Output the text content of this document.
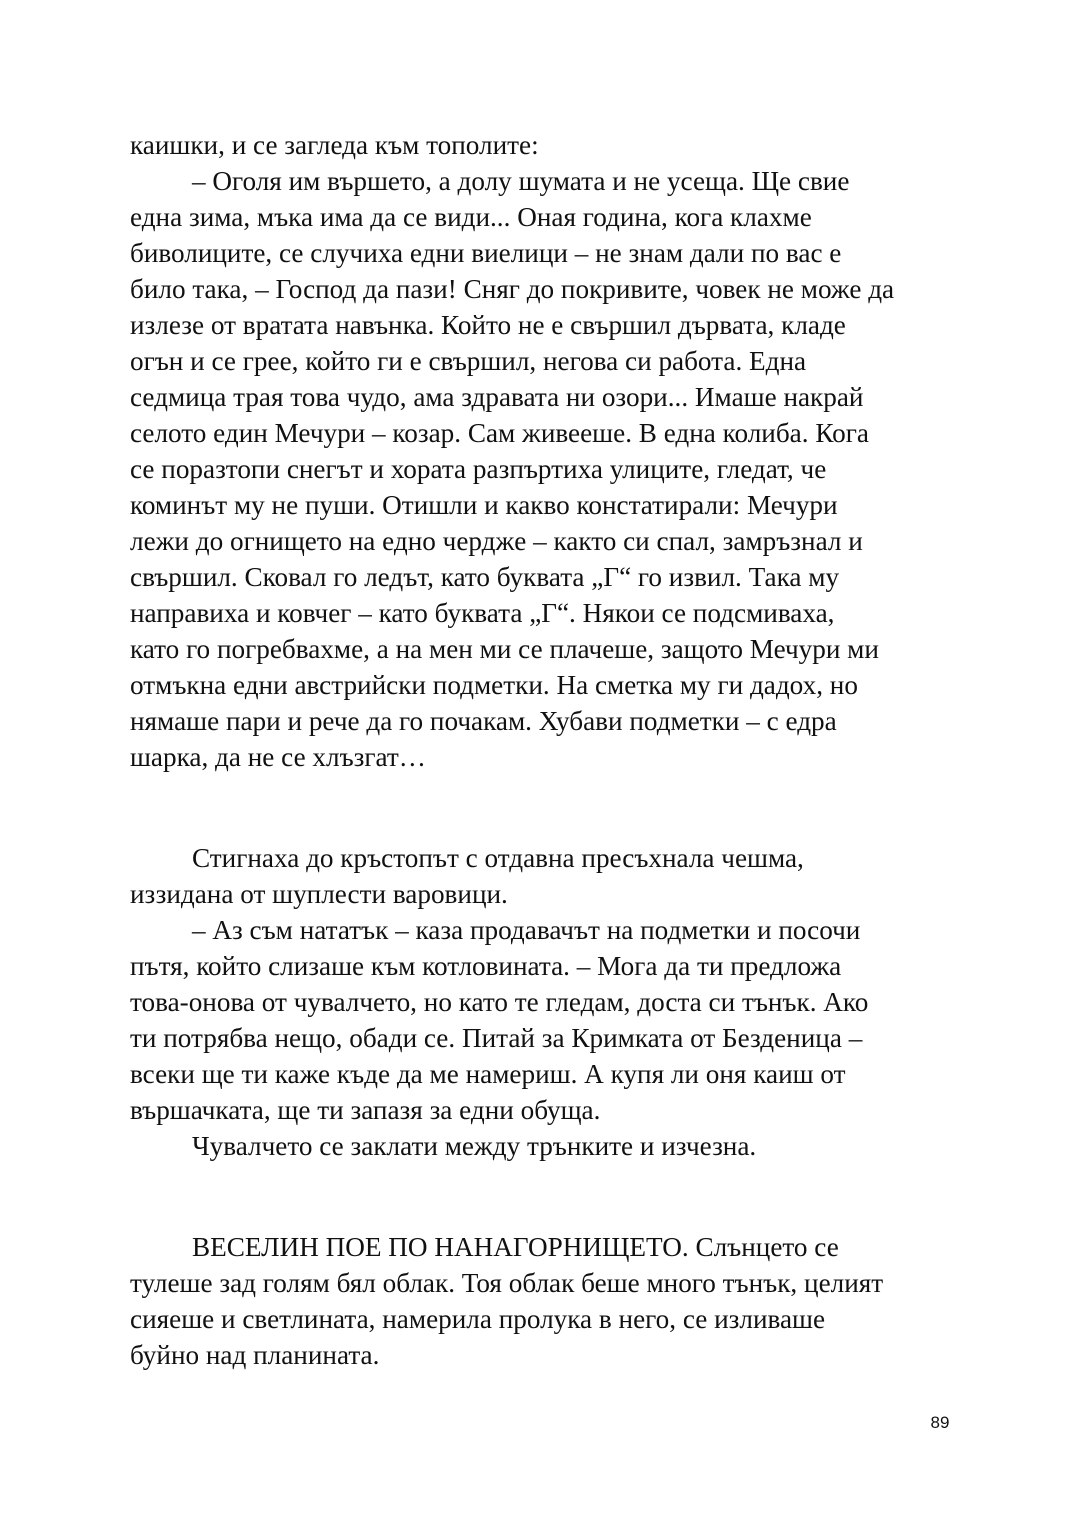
каишки, и се загледа към тополите:

– Оголя им вършето, а долу шумата и не усеща. Ще свие

една зима, мъка има да се види... Оная година, кога клахме

биволиците, се случиха едни виелици – не знам дали по вас е

било така, – Господ да пази! Сняг до покривите, човек не може да

излезе от вратата навънка. Който не е свършил дървата, кладе

огън и се грее, който ги е свършил, негова си работа. Една

седмица трая това чудо, ама здравата ни озори... Имаше накрай

селото един Мечури – козар. Сам живееше. В една колиба. Кога

се поразтопи снегът и хората разпъртиха улиците, гледат, че

коминът му не пуши. Отишли и какво констатирали: Мечури

лежи до огнището на едно черджe – както си спал, замръзнал и

свършил. Сковал го ледът, като буквата „Г“ го извил. Така му

направиха и ковчег – като буквата „Г“. Някои се подсмиваха,

като го погребвахме, а на мен ми се плачеше, защото Мечури ми

отмъкна едни австрийски подметки. На сметка му ги дадох, но

нямаше пари и рече да го почакам. Хубави подметки – с едра

шарка, да не се хлъзгат…

Стигнаха до кръстопът с отдавна пресъхнала чешма,

иззидана от шуплести варовици.

– Аз съм нататък – каза продавачът на подметки и посочи

пътя, който слизаше към котловината. – Мога да ти предложа

това-онова от чувалчето, но като те гледам, доста си тънък. Ако

ти потрябва нещо, обади се. Питай за Кримката от Безденица –

всеки ще ти каже къде да ме намериш. А купя ли оня каиш от

вършачката, ще ти запазя за едни обуща.

Чувалчето се заклати между трънките и изчезна.

ВЕСЕЛИН ПОЕ ПО НАНАГОРНИЩЕТО. Слънцето се

тулеше зад голям бял облак. Тоя облак беше много тънък, целият

сияеше и светлината, намерила пролука в него, се изливаше

буйно над планината.

89
